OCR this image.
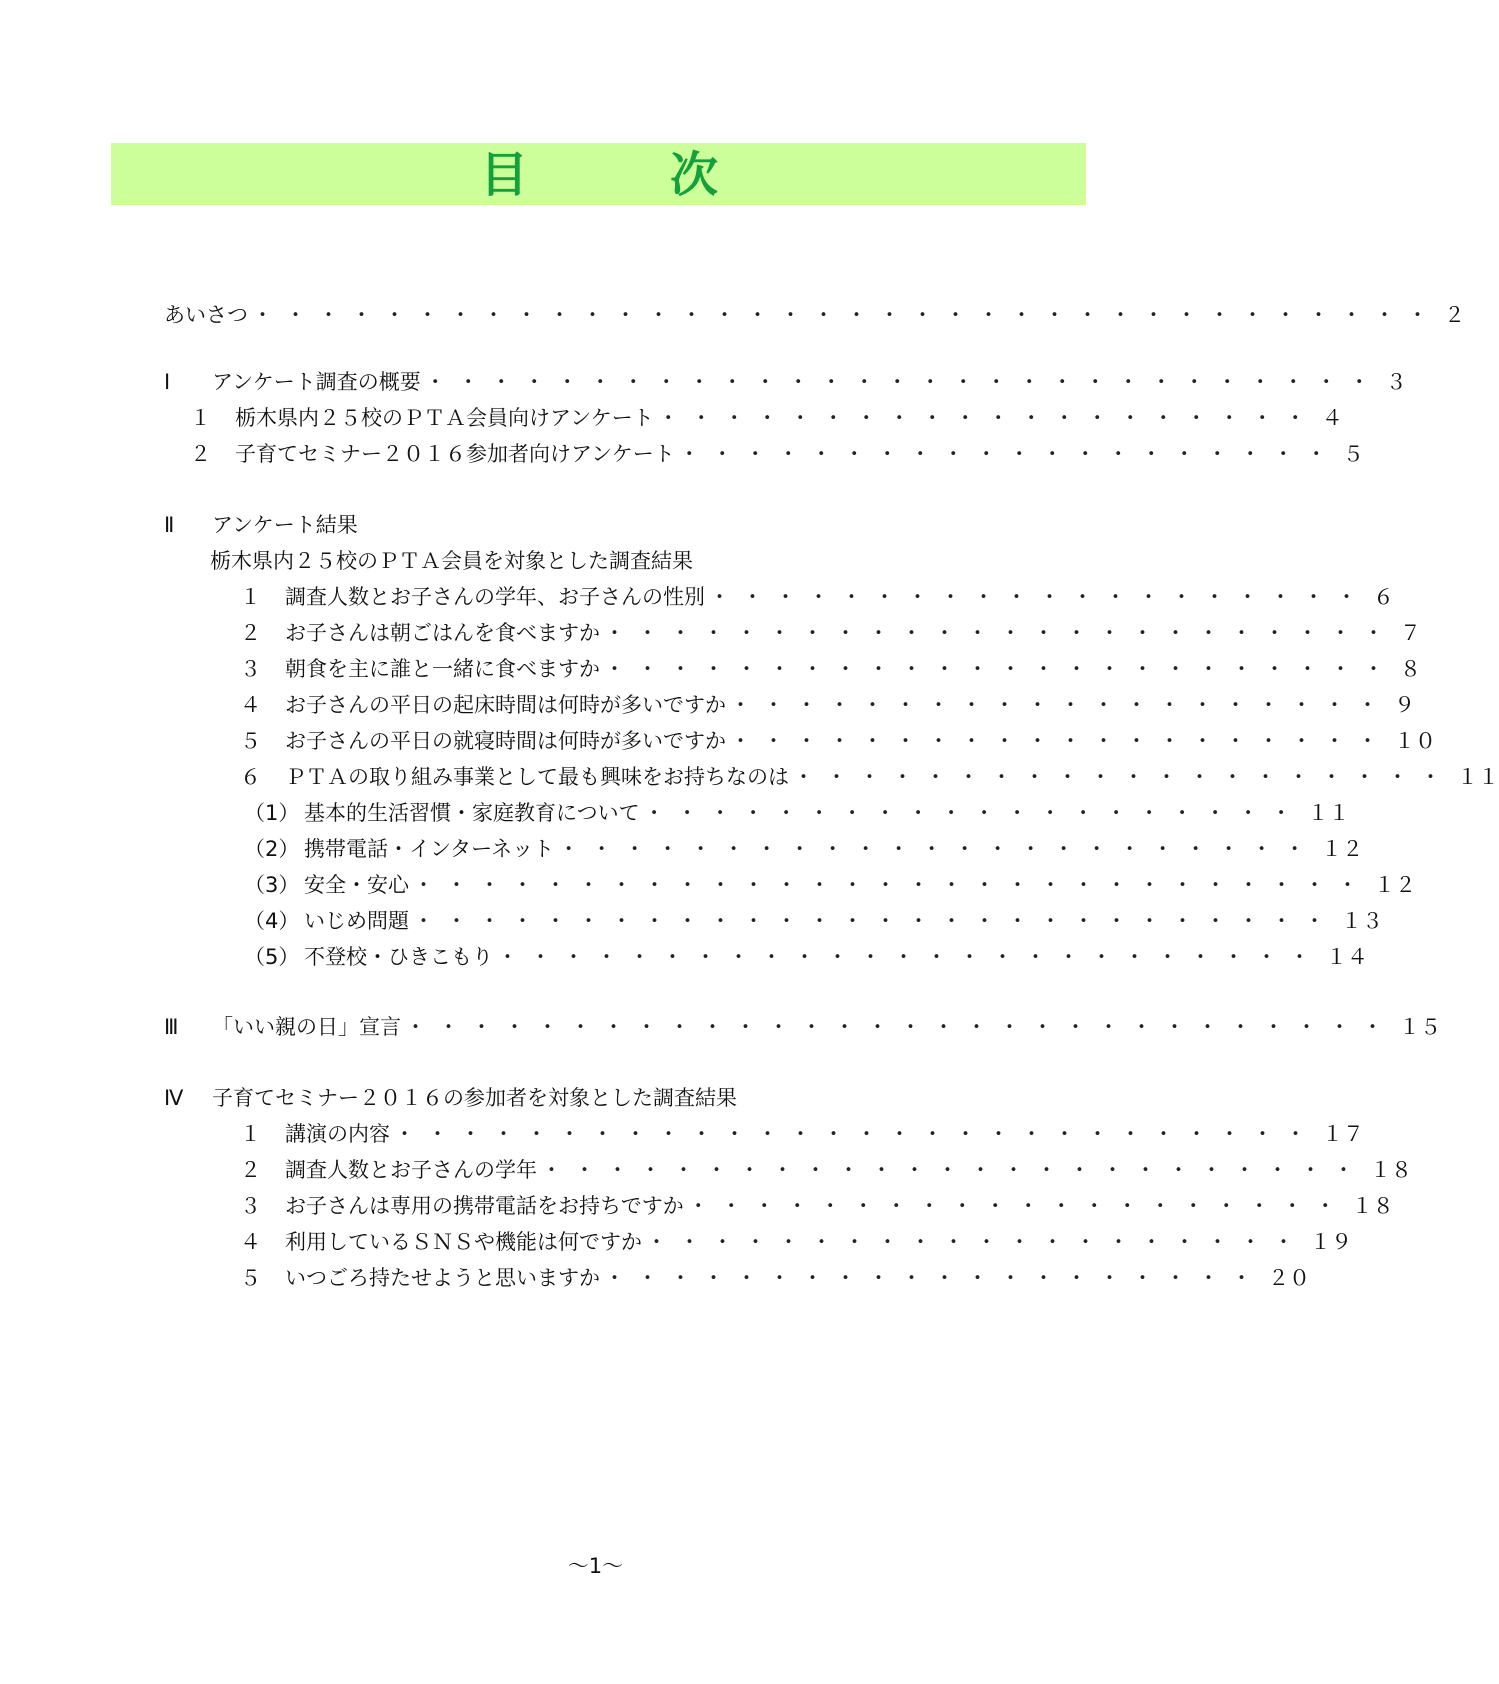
目	次
あいさつ ・・・・・・・・・・・・・・・・・・・・・・・・・・・・・・・・・・・・ ２
Ⅰ	アンケート調査の概要 ・・・・・・・・・・・・・・・・・・・・・・・・・・・・・ ３
１	栃木県内２５校のＰＴＡ会員向けアンケート ・・・・・・・・・・・・・・・・・・・・ ４
２	子育てセミナー２０１６参加者向けアンケート ・・・・・・・・・・・・・・・・・・・・ ５
Ⅱ	アンケート結果
栃木県内２５校のＰＴＡ会員を対象とした調査結果
１	調査人数とお子さんの学年、お子さんの性別 ・・・・・・・・・・・・・・・・・・・・ ６
２	お子さんは朝ごはんを食べますか ・・・・・・・・・・・・・・・・・・・・・・・・ ７
３	朝食を主に誰と一緒に食べますか ・・・・・・・・・・・・・・・・・・・・・・・・ ８
４	お子さんの平日の起床時間は何時が多いですか ・・・・・・・・・・・・・・・・・・・・ ９
５	お子さんの平日の就寝時間は何時が多いですか ・・・・・・・・・・・・・・・・・・・・ １０
６	ＰＴＡの取り組み事業として最も興味をお持ちなのは ・・・・・・・・・・・・・・・・・・・・ １１
（1） 基本的生活習慣・家庭教育について ・・・・・・・・・・・・・・・・・・・・ １１
（2） 携帯電話・インターネット ・・・・・・・・・・・・・・・・・・・・・・・ １２
（3） 安全・安心 ・・・・・・・・・・・・・・・・・・・・・・・・・・・・・ １２
（4） いじめ問題 ・・・・・・・・・・・・・・・・・・・・・・・・・・・・ １３
（5） 不登校・ひきこもり ・・・・・・・・・・・・・・・・・・・・・・・・・ １４
Ⅲ	「いい親の日」宣言 ・・・・・・・・・・・・・・・・・・・・・・・・・・・・・・ １５
Ⅳ	子育てセミナー２０１６の参加者を対象とした調査結果
１	講演の内容 ・・・・・・・・・・・・・・・・・・・・・・・・・・・・ １７
２	調査人数とお子さんの学年 ・・・・・・・・・・・・・・・・・・・・・・・・・ １８
３	お子さんは専用の携帯電話をお持ちですか ・・・・・・・・・・・・・・・・・・・・ １８
４	利用しているＳＮＳや機能は何ですか ・・・・・・・・・・・・・・・・・・・・ １９
５	いつごろ持たせようと思いますか ・・・・・・・・・・・・・・・・・・・・ ２０
～1～
